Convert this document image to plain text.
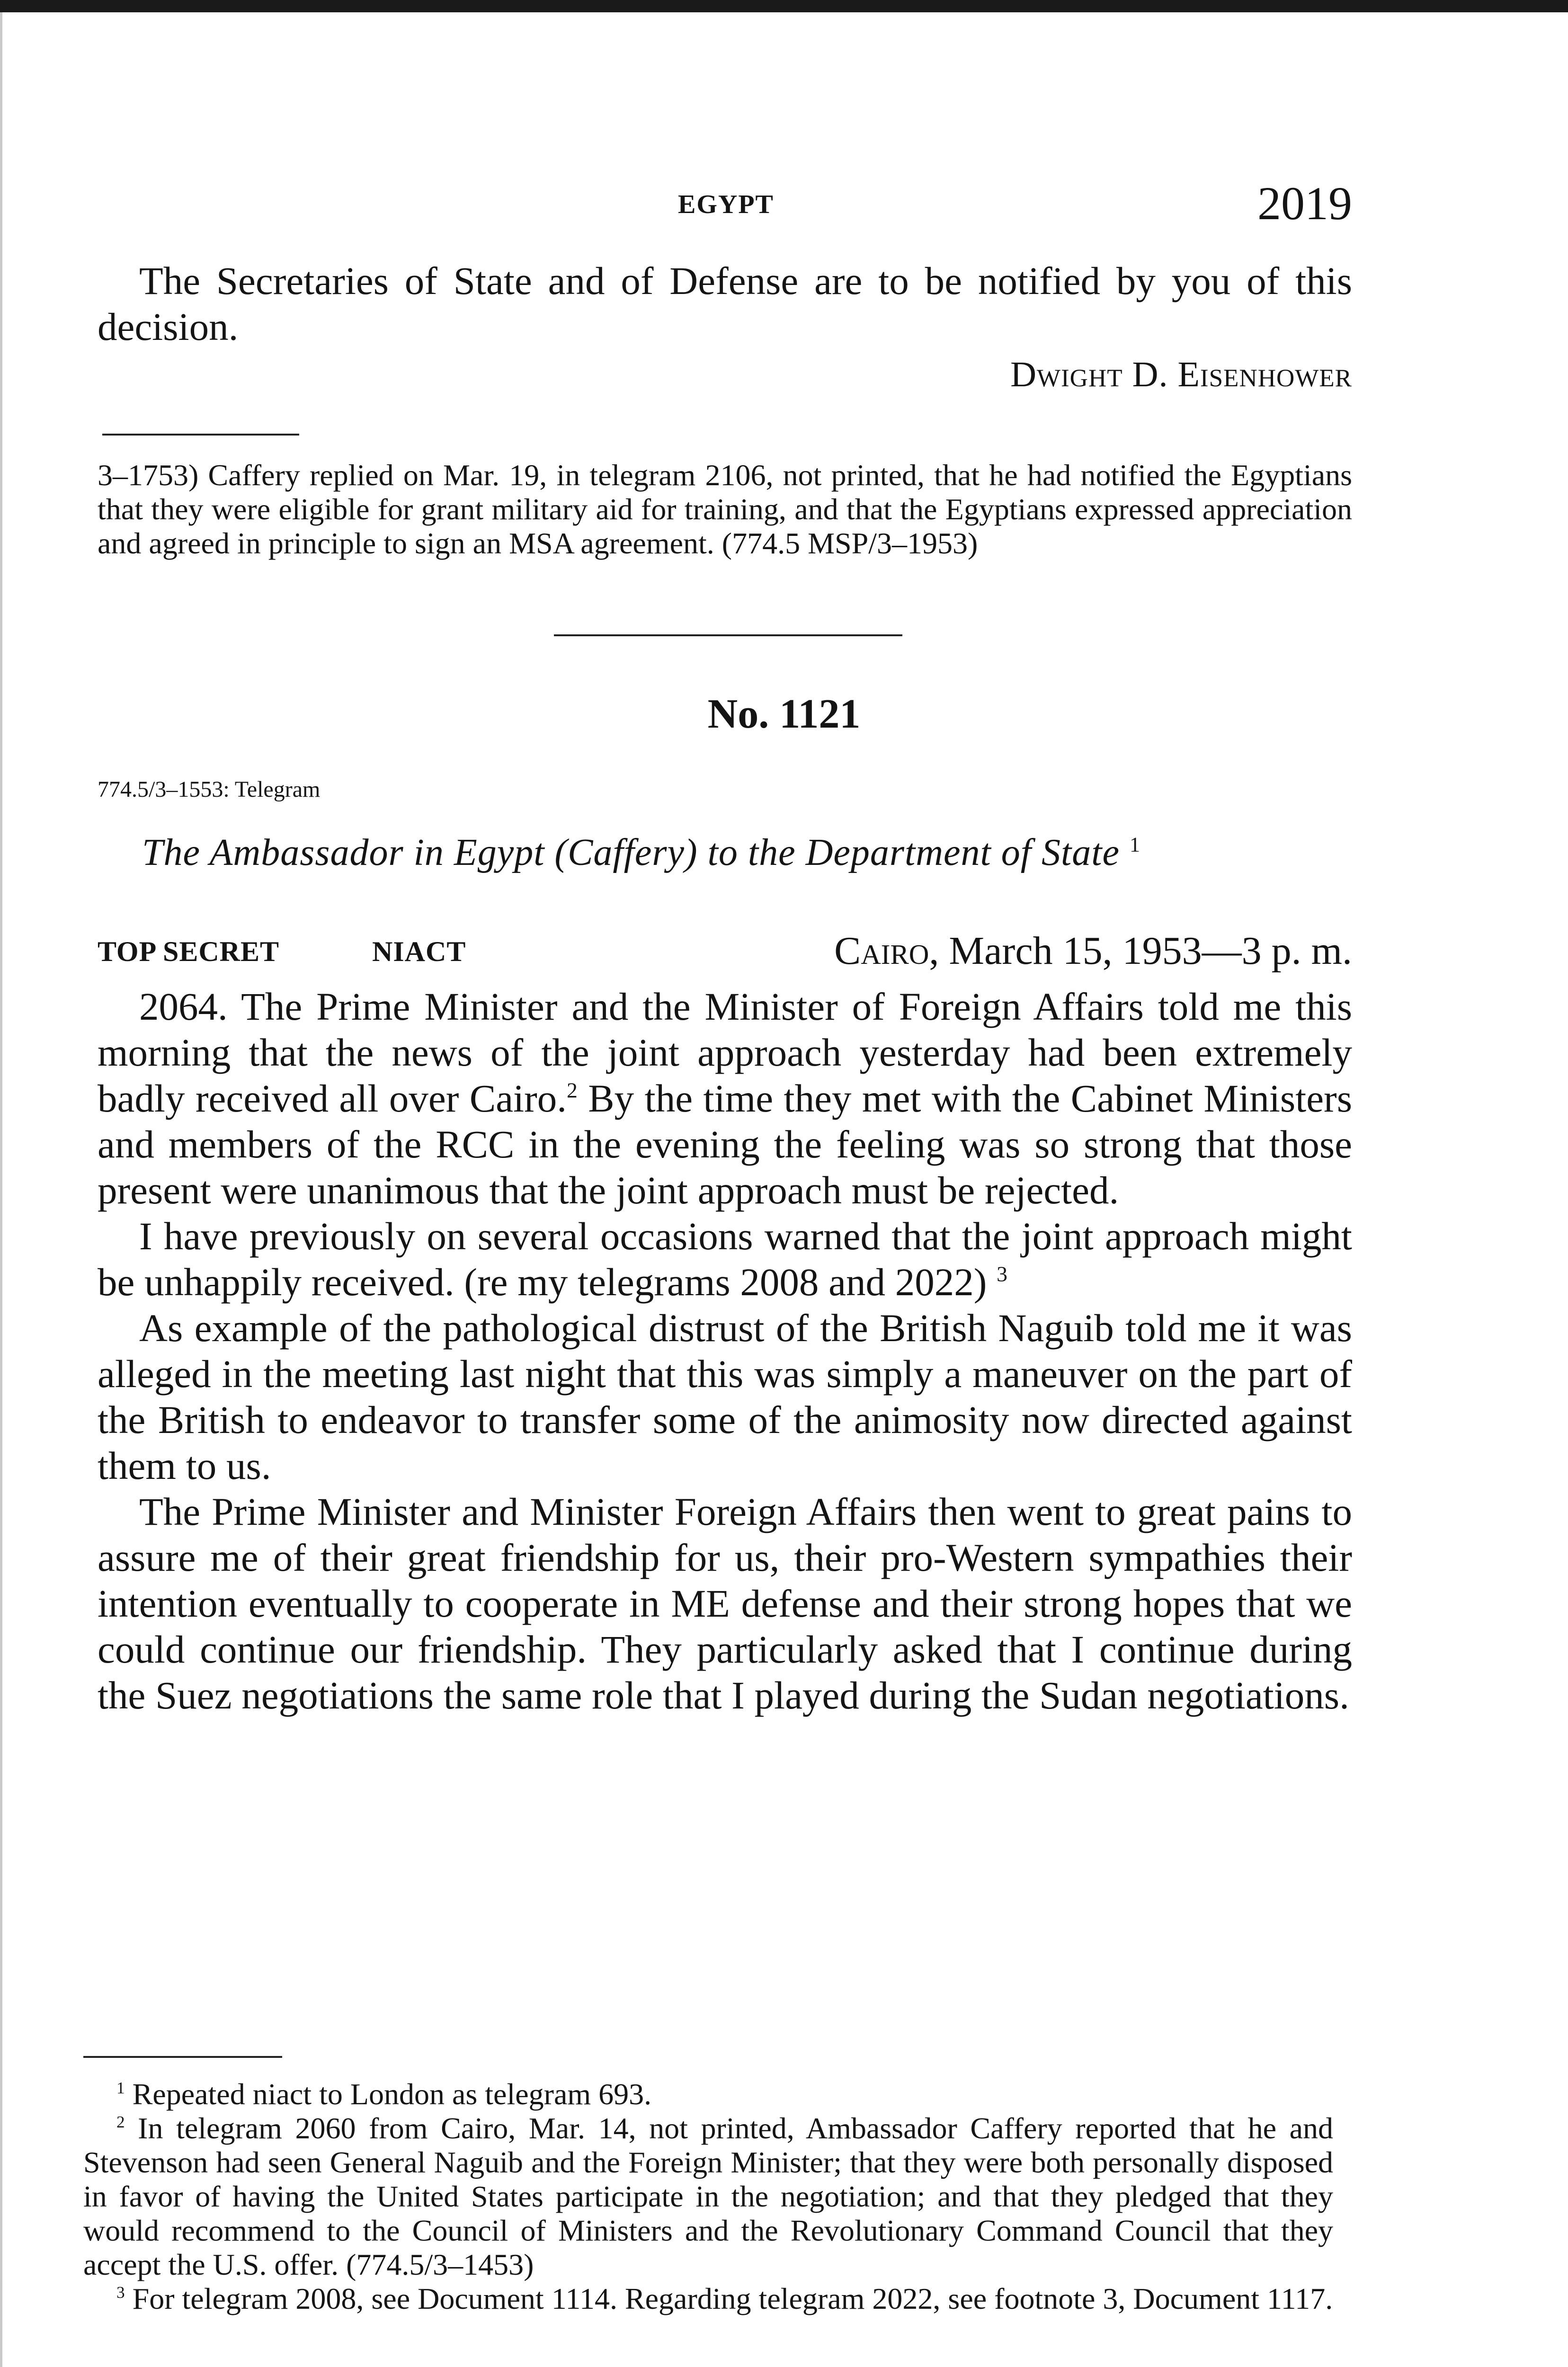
EGYPT	2019

The Secretaries of State and of Defense are to be notified by you of this decision.

Dwight D. Eisenhower

3–1753) Caffery replied on Mar. 19, in telegram 2106, not printed, that he had notified the Egyptians that they were eligible for grant military aid for training, and that the Egyptians expressed appreciation and agreed in principle to sign an MSA agreement. (774.5 MSP/3–1953)

No. 1121
774.5/3–1553: Telegram
The Ambassador in Egypt (Caffery) to the Department of State $^1$
TOP SECRET	NIACT	Cairo, March 15, 1953—3 p. m.

2064. The Prime Minister and the Minister of Foreign Affairs told me this morning that the news of the joint approach yesterday had been extremely badly received all over Cairo.$^2$ By the time they met with the Cabinet Ministers and members of the RCC in the evening the feeling was so strong that those present were unanimous that the joint approach must be rejected.

I have previously on several occasions warned that the joint approach might be unhappily received. (re my telegrams 2008 and 2022) $^3$

As example of the pathological distrust of the British Naguib told me it was alleged in the meeting last night that this was simply a maneuver on the part of the British to endeavor to transfer some of the animosity now directed against them to us.

The Prime Minister and Minister Foreign Affairs then went to great pains to assure me of their great friendship for us, their pro-Western sympathies their intention eventually to cooperate in ME defense and their strong hopes that we could continue our friendship. They particularly asked that I continue during the Suez negotiations the same role that I played during the Sudan negotiations.

$^1$ Repeated niact to London as telegram 693.

$^2$ In telegram 2060 from Cairo, Mar. 14, not printed, Ambassador Caffery reported that he and Stevenson had seen General Naguib and the Foreign Minister; that they were both personally disposed in favor of having the United States participate in the negotiation; and that they pledged that they would recommend to the Council of Ministers and the Revolutionary Command Council that they accept the U.S. offer. (774.5/3–1453)

$^3$ For telegram 2008, see Document 1114. Regarding telegram 2022, see footnote 3, Document 1117.
